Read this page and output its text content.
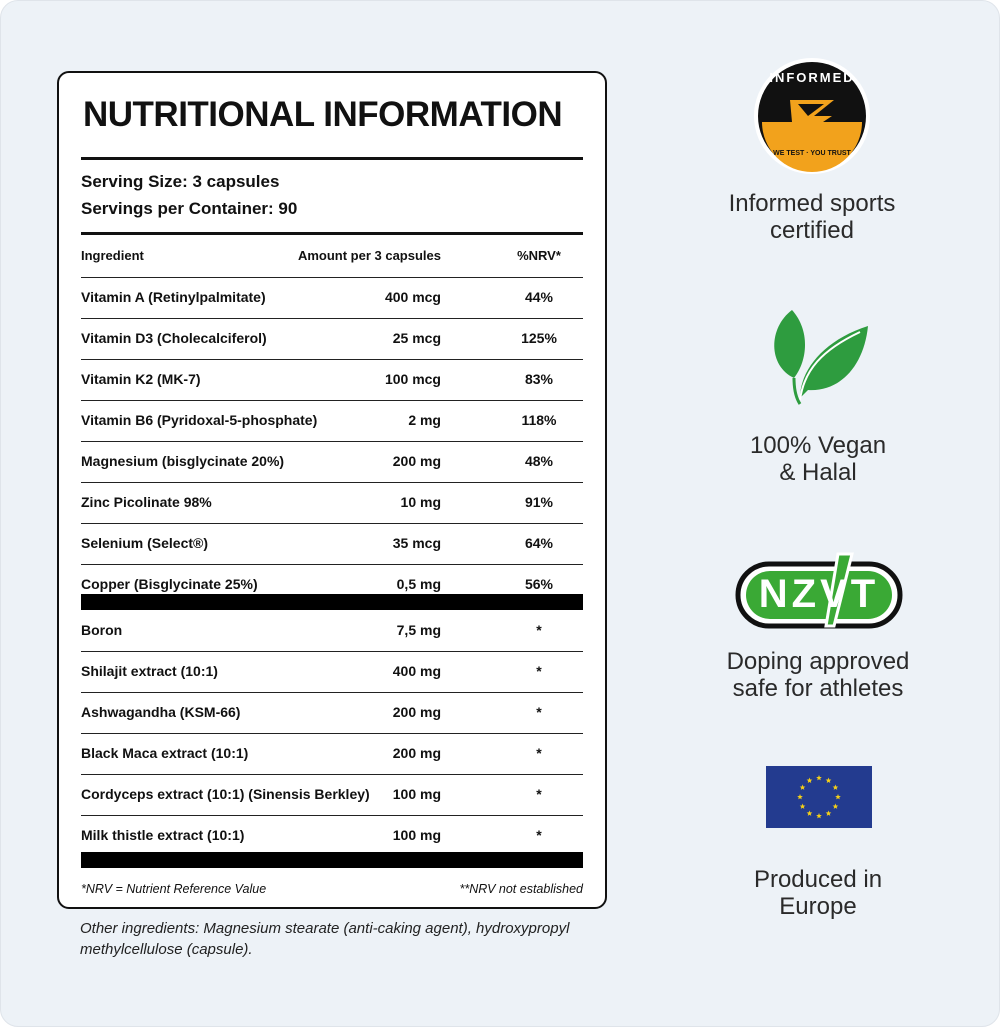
NUTRITIONAL INFORMATION
Serving Size: 3 capsules
Servings per Container: 90
Ingredient	Amount per 3 capsules	%NRV*
Vitamin A (Retinylpalmitate)	400 mcg	44%
Vitamin D3 (Cholecalciferol)	25 mcg	125%
Vitamin K2 (MK-7)	100 mcg	83%
Vitamin B6 (Pyridoxal-5-phosphate)	2 mg	118%
Magnesium (bisglycinate 20%)	200 mg	48%
Zinc Picolinate 98%	10 mg	91%
Selenium (Select®)	35 mcg	64%
Copper (Bisglycinate 25%)	0,5 mg	56%
Boron	7,5 mg	*
Shilajit extract (10:1)	400 mg	*
Ashwagandha (KSM-66)	200 mg	*
Black Maca extract (10:1)	200 mg	*
Cordyceps extract (10:1) (Sinensis Berkley) 100 mg	*
Milk thistle extract (10:1)	100 mg	*
*NRV = Nutrient Reference Value	**NRV not established
Other ingredients: Magnesium stearate (anti-caking agent), hydroxypropyl methylcellulose (capsule).
INFORMED
WE TEST · YOU TRUST
Informed sports
certified
100% Vegan
& Halal
NZVT
Doping approved
safe for athletes
Produced in
Europe
